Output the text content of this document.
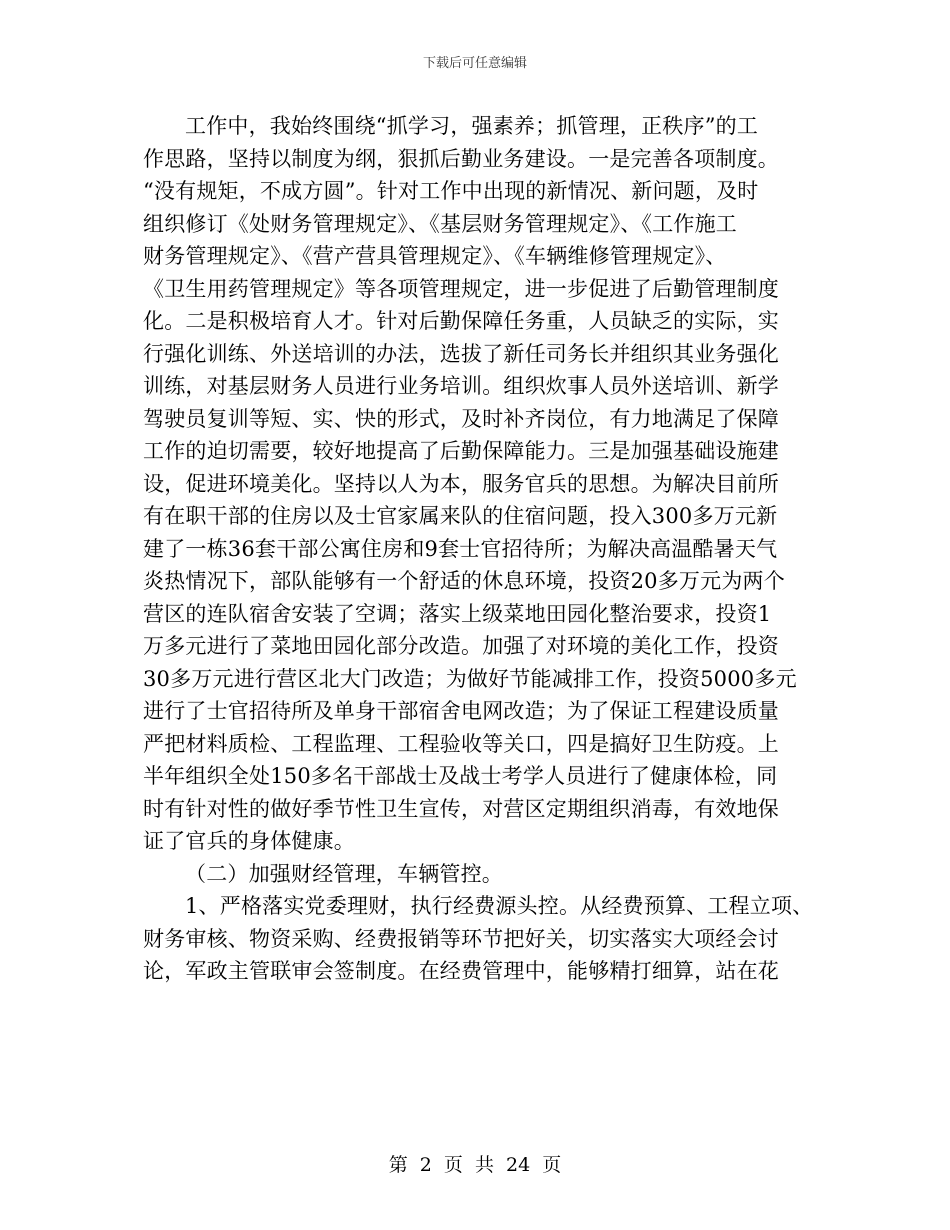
下载后可任意编辑
工作中，我始终围绕“抓学习，强素养；抓管理，正秩序”的工
作思路，坚持以制度为纲，狠抓后勤业务建设。一是完善各项制度。
“没有规矩，不成方圆”。针对工作中出现的新情况、新问题，及时
组织修订《处财务管理规定》、《基层财务管理规定》、《工作施工
财务管理规定》、《营产营具管理规定》、《车辆维修管理规定》、
《卫生用药管理规定》等各项管理规定，进一步促进了后勤管理制度
化。二是积极培育人才。针对后勤保障任务重，人员缺乏的实际，实
行强化训练、外送培训的办法，选拔了新任司务长并组织其业务强化
训练，对基层财务人员进行业务培训。组织炊事人员外送培训、新学
驾驶员复训等短、实、快的形式，及时补齐岗位，有力地满足了保障
工作的迫切需要，较好地提高了后勤保障能力。三是加强基础设施建
设，促进环境美化。坚持以人为本，服务官兵的思想。为解决目前所
有在职干部的住房以及士官家属来队的住宿问题，投入300多万元新
建了一栋36套干部公寓住房和9套士官招待所；为解决高温酷暑天气
炎热情况下，部队能够有一个舒适的休息环境，投资20多万元为两个
营区的连队宿舍安装了空调；落实上级菜地田园化整治要求，投资1
万多元进行了菜地田园化部分改造。加强了对环境的美化工作，投资
30多万元进行营区北大门改造；为做好节能减排工作，投资5000多元
进行了士官招待所及单身干部宿舍电网改造；为了保证工程建设质量
严把材料质检、工程监理、工程验收等关口，四是搞好卫生防疫。上
半年组织全处150多名干部战士及战士考学人员进行了健康体检，同
时有针对性的做好季节性卫生宣传，对营区定期组织消毒，有效地保
证了官兵的身体健康。
（二）加强财经管理，车辆管控。
1、严格落实党委理财，执行经费源头控。从经费预算、工程立项、
财务审核、物资采购、经费报销等环节把好关，切实落实大项经会讨
论，军政主管联审会签制度。在经费管理中，能够精打细算，站在花
第 2 页 共 24 页
